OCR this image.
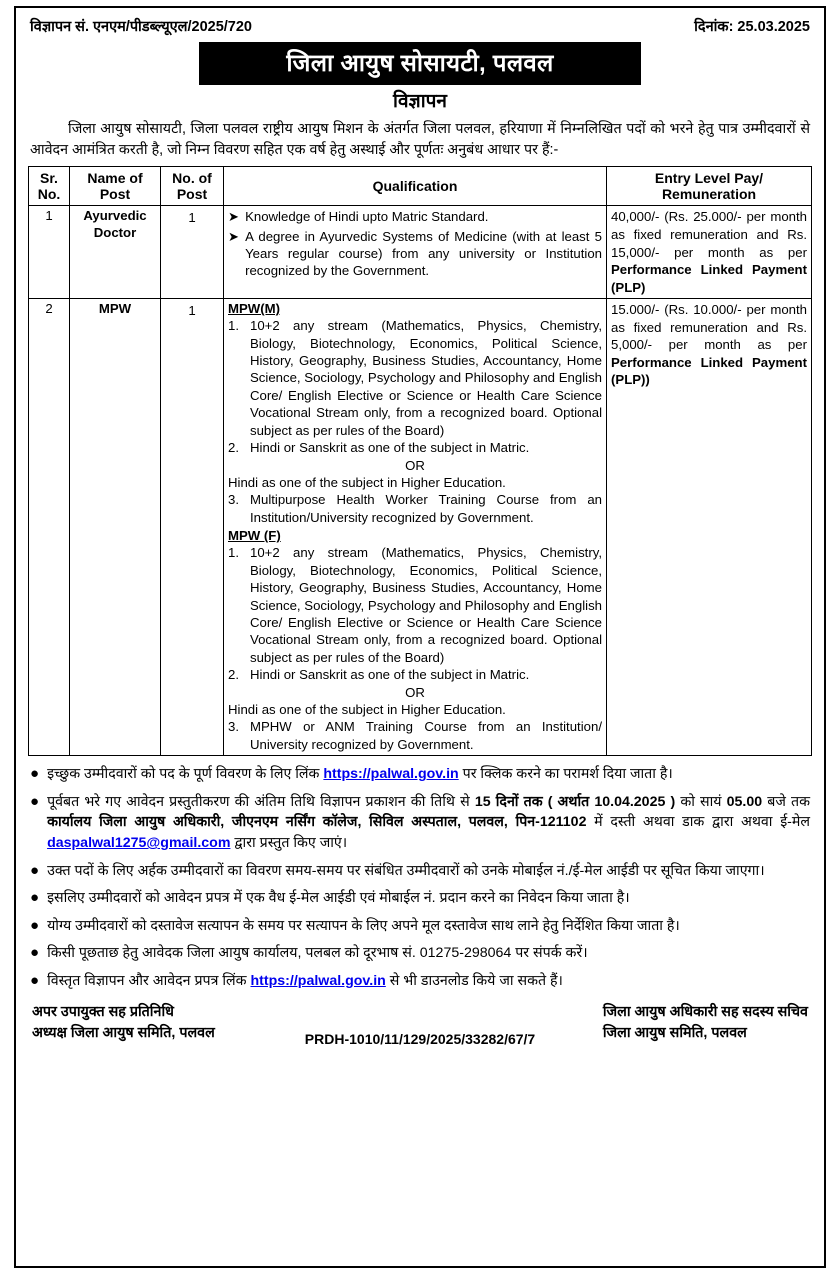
विज्ञापन सं. एनएम/पीडब्ल्यूएल/2025/720	दिनांक: 25.03.2025
जिला आयुष सोसायटी, पलवल
विज्ञापन
जिला आयुष सोसायटी, जिला पलवल राष्ट्रीय आयुष मिशन के अंतर्गत जिला पलवल, हरियाणा में निम्नलिखित पदों को भरने हेतु पात्र उम्मीदवारों से आवेदन आमंत्रित करती है, जो निम्न विवरण सहित एक वर्ष हेतु अस्थाई और पूर्णतः अनुबंध आधार पर हैं:-
Sr. No.	Name of Post	No. of Post	Qualification	Entry Level Pay/ Remuneration
1	Ayurvedic Doctor	1	➤ Knowledge of Hindi upto Matric Standard.
➤ A degree in Ayurvedic Systems of Medicine (with at least 5 Years regular course) from any university or Institution recognized by the Government.	40,000/- (Rs. 25.000/- per month as fixed remuneration and Rs. 15,000/- per month as per Performance Linked Payment (PLP)
2	MPW	1	MPW(M)
1. 10+2 any stream (Mathematics, Physics, Chemistry, Biology, Biotechnology, Economics, Political Science, History, Geography, Business Studies, Accountancy, Home Science, Sociology, Psychology and Philosophy and English Core/ English Elective or Science or Health Care Science Vocational Stream only, from a recognized board. Optional subject as per rules of the Board)
2. Hindi or Sanskrit as one of the subject in Matric.
OR
Hindi as one of the subject in Higher Education.
3. Multipurpose Health Worker Training Course from an Institution/University recognized by Government.
MPW (F)
1. 10+2 any stream (Mathematics, Physics, Chemistry, Biology, Biotechnology, Economics, Political Science, History, Geography, Business Studies, Accountancy, Home Science, Sociology, Psychology and Philosophy and English Core/ English Elective or Science or Health Care Science Vocational Stream only, from a recognized board. Optional subject as per rules of the Board)
2. Hindi or Sanskrit as one of the subject in Matric.
OR
Hindi as one of the subject in Higher Education.
3. MPHW or ANM Training Course from an Institution/ University recognized by Government.
	15.000/- (Rs. 10.000/- per month as fixed remuneration and Rs. 5,000/- per month as per Performance Linked Payment (PLP))
● इच्छुक उम्मीदवारों को पद के पूर्ण विवरण के लिए लिंक https://palwal.gov.in पर क्लिक करने का परामर्श दिया जाता है।
● पूर्वबत भरे गए आवेदन प्रस्तुतीकरण की अंतिम तिथि विज्ञापन प्रकाशन की तिथि से 15 दिनों तक ( अर्थात 10.04.2025 ) को सायं 05.00 बजे तक कार्यालय जिला आयुष अधिकारी, जीएनएम नर्सिंग कॉलेज, सिविल अस्पताल, पलवल, पिन-121102 में दस्ती अथवा डाक द्वारा अथवा ई-मेल daspalwal1275@gmail.com द्वारा प्रस्तुत किए जाएं।
● उक्त पदों के लिए अर्हक उम्मीदवारों का विवरण समय-समय पर संबंधित उम्मीदवारों को उनके मोबाईल नं./ई-मेल आईडी पर सूचित किया जाएगा।
● इसलिए उम्मीदवारों को आवेदन प्रपत्र में एक वैध ई-मेल आईडी एवं मोबाईल नं. प्रदान करने का निवेदन किया जाता है।
● योग्य उम्मीदवारों को दस्तावेज सत्यापन के समय पर सत्यापन के लिए अपने मूल दस्तावेज साथ लाने हेतु निर्देशित किया जाता है।
● किसी पूछताछ हेतु आवेदक जिला आयुष कार्यालय, पलबल को दूरभाष सं. 01275-298064 पर संपर्क करें।
● विस्तृत विज्ञापन और आवेदन प्रपत्र लिंक https://palwal.gov.in से भी डाउनलोड किये जा सकते हैं।
अपर उपायुक्त सह प्रतिनिधि
अध्यक्ष जिला आयुष समिति, पलवल
जिला आयुष अधिकारी सह सदस्य सचिव
जिला आयुष समिति, पलवल
PRDH-1010/11/129/2025/33282/67/7
